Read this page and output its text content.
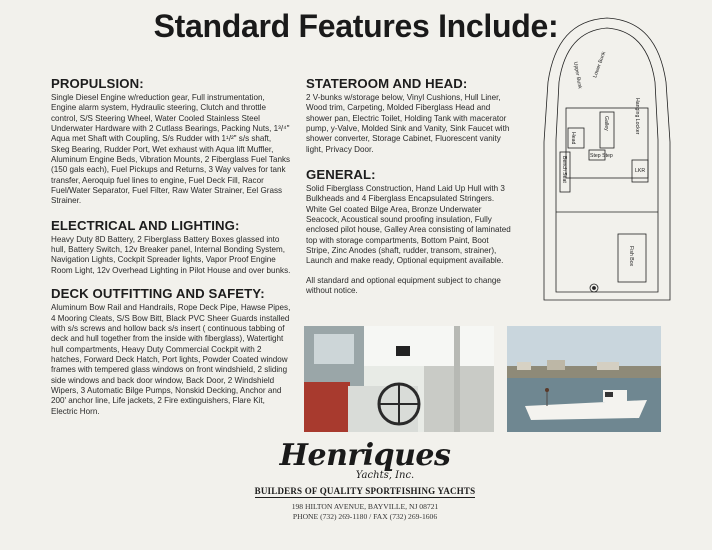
Standard Features Include:
PROPULSION:

Single Diesel Engine w/reduction gear, Full instrumentation, Engine alarm system, Hydraulic steering, Clutch and throttle control, S/S Steering Wheel, Water Cooled Stainless Steel Underwater Hardware with 2 Cutlass Bearings, Packing Nuts, 1³/⁴" Aqua met Shaft with Coupling, S/s Rudder with 1¹/²" s/s shaft, Skeg Bearing, Rudder Port, Wet exhaust with Aqua lift Muffler, Aluminum Engine Beds, Vibration Mounts, 2 Fiberglass Fuel Tanks (150 gals each), Fuel Pickups and Returns, 3 Way valves for tank transfer, Aeroquip fuel lines to engine, Fuel Deck Fill, Racor Fuel/Water Separator, Fuel Filter, Raw Water Strainer, Eel Grass Strainer.

ELECTRICAL AND LIGHTING:

Heavy Duty 8D Battery, 2 Fiberglass Battery Boxes glassed into hull, Battery Switch, 12v Breaker panel, Internal Bonding System, Navigation Lights, Cockpit Spreader lights, Vapor Proof Engine Room Light, 12v Overhead Lighting in Pilot House and over bunks.

DECK OUTFITTING AND SAFETY:

Aluminum Bow Rail and Handrails, Rope Deck Pipe, Hawse Pipes, 4 Mooring Cleats, S/S Bow Bitt, Black PVC Sheer Guards installed with s/s screws and hollow back s/s insert ( continuous tabbing of deck and hull together from the inside with fiberglass), Watertight hull compartments, Heavy Duty Commercial Cockpit with 2 hatches, Forward Deck Hatch, Port lights, Powder Coated window frames with tempered glass windows on front windshield, 2 sliding side windows and back door window, Back Door, 2 Windshield Wipers, 3 Automatic Bilge Pumps, Nonskid Decking, Anchor and 200' anchor line, Life jackets, 2 Fire extinguishers, Flare Kit, Electric Horn.

STATEROOM AND HEAD:

2 V-bunks w/storage below, Vinyl Cushions, Hull Liner, Wood trim, Carpeting, Molded Fiberglass Head and shower pan, Electric Toilet, Holding Tank with macerator pump, y-Valve, Molded Sink and Vanity, Sink Faucet with shower converter, Storage Cabinet, Fluorescent vanity light, Privacy Door.

GENERAL:

Solid Fiberglass Construction, Hand Laid Up Hull with 3 Bulkheads and 4 Fiberglass Encapsulated Stringers. White Gel coated Bilge Area, Bronze Underwater Seacock, Acoustical sound proofing insulation, Fully enclosed pilot house, Galley Area consisting of laminated top with storage compartments, Bottom Paint, Boot Stripe, Zinc Anodes (shaft, rudder, transom, strainer), Launch and make ready, Optional equipment available.

All standard and optional equipment subject to change without notice.

Upper Bunk Lower Bunk
Hanging Locker
Head
Galley
Step Step
Bench Seat	LKR
Fish Box
Henriques
Yachts, Inc.
BUILDERS OF QUALITY SPORTFISHING YACHTS
198 HILTON AVENUE, BAYVILLE, NJ 08721
PHONE (732) 269-1180 / FAX (732) 269-1606
